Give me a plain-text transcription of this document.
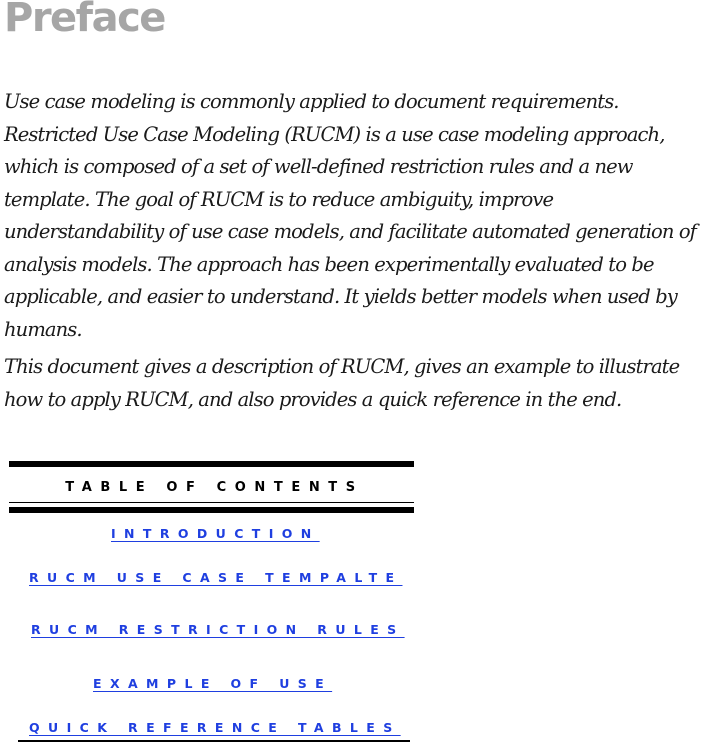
Preface

Use case modeling is commonly applied to document requirements. Restricted Use Case Modeling (RUCM) is a use case modeling approach, which is composed of a set of well-defined restriction rules and a new template. The goal of RUCM is to reduce ambiguity, improve understandability of use case models, and facilitate automated generation of analysis models. The approach has been experimentally evaluated to be applicable, and easier to understand. It yields better models when used by humans.

This document gives a description of RUCM, gives an example to illustrate how to apply RUCM, and also provides a quick reference in the end.

TABLE OF CONTENTS
INTRODUCTION
RUCM USE CASE TEMPALTE
RUCM RESTRICTION RULES
EXAMPLE OF USE
QUICK REFERENCE TABLES
